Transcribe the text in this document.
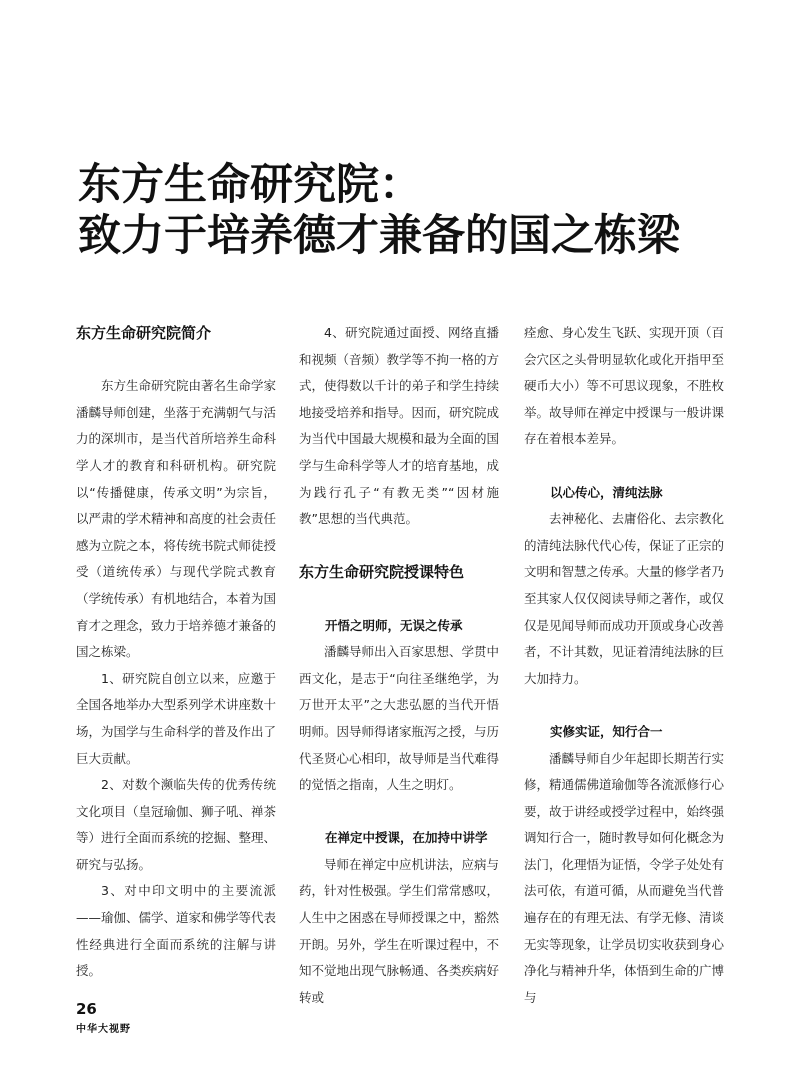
东方生命研究院：
致力于培养德才兼备的国之栋梁
东方生命研究院简介

东方生命研究院由著名生命学家潘麟导师创建，坐落于充满朝气与活力的深圳市，是当代首所培养生命科学人才的教育和科研机构。研究院以“传播健康，传承文明”为宗旨，以严肃的学术精神和高度的社会责任感为立院之本，将传统书院式师徒授受（道统传承）与现代学院式教育（学统传承）有机地结合，本着为国育才之理念，致力于培养德才兼备的国之栋梁。

1、研究院自创立以来，应邀于全国各地举办大型系列学术讲座数十场，为国学与生命科学的普及作出了巨大贡献。

2、对数个濒临失传的优秀传统文化项目（皇冠瑜伽、狮子吼、禅茶等）进行全面而系统的挖掘、整理、研究与弘扬。

3、对中印文明中的主要流派——瑜伽、儒学、道家和佛学等代表性经典进行全面而系统的注解与讲授。

4、研究院通过面授、网络直播和视频（音频）教学等不拘一格的方式，使得数以千计的弟子和学生持续地接受培养和指导。因而，研究院成为当代中国最大规模和最为全面的国学与生命科学等人才的培育基地，成为践行孔子“有教无类”“因材施教”思想的当代典范。

东方生命研究院授课特色
开悟之明师，无误之传承

潘麟导师出入百家思想、学贯中西文化，是志于“向往圣继绝学，为万世开太平”之大悲弘愿的当代开悟明师。因导师得诸家瓶泻之授，与历代圣贤心心相印，故导师是当代难得的觉悟之指南，人生之明灯。

在禅定中授课，在加持中讲学

导师在禅定中应机讲法，应病与药，针对性极强。学生们常常感叹，人生中之困惑在导师授课之中，豁然开朗。另外，学生在听课过程中，不知不觉地出现气脉畅通、各类疾病好转或

痊愈、身心发生飞跃、实现开顶（百会穴区之头骨明显软化或化开指甲至硬币大小）等不可思议现象，不胜枚举。故导师在禅定中授课与一般讲课存在着根本差异。

以心传心，清纯法脉

去神秘化、去庸俗化、去宗教化的清纯法脉代代心传，保证了正宗的文明和智慧之传承。大量的修学者乃至其家人仅仅阅读导师之著作，或仅仅是见闻导师而成功开顶或身心改善者，不计其数，见证着清纯法脉的巨大加持力。

实修实证，知行合一

潘麟导师自少年起即长期苦行实修，精通儒佛道瑜伽等各流派修行心要，故于讲经或授学过程中，始终强调知行合一，随时教导如何化概念为法门，化理悟为证悟，令学子处处有法可依，有道可循，从而避免当代普遍存在的有理无法、有学无修、清谈无实等现象，让学员切实收获到身心净化与精神升华，体悟到生命的广博与

26
中华大视野
